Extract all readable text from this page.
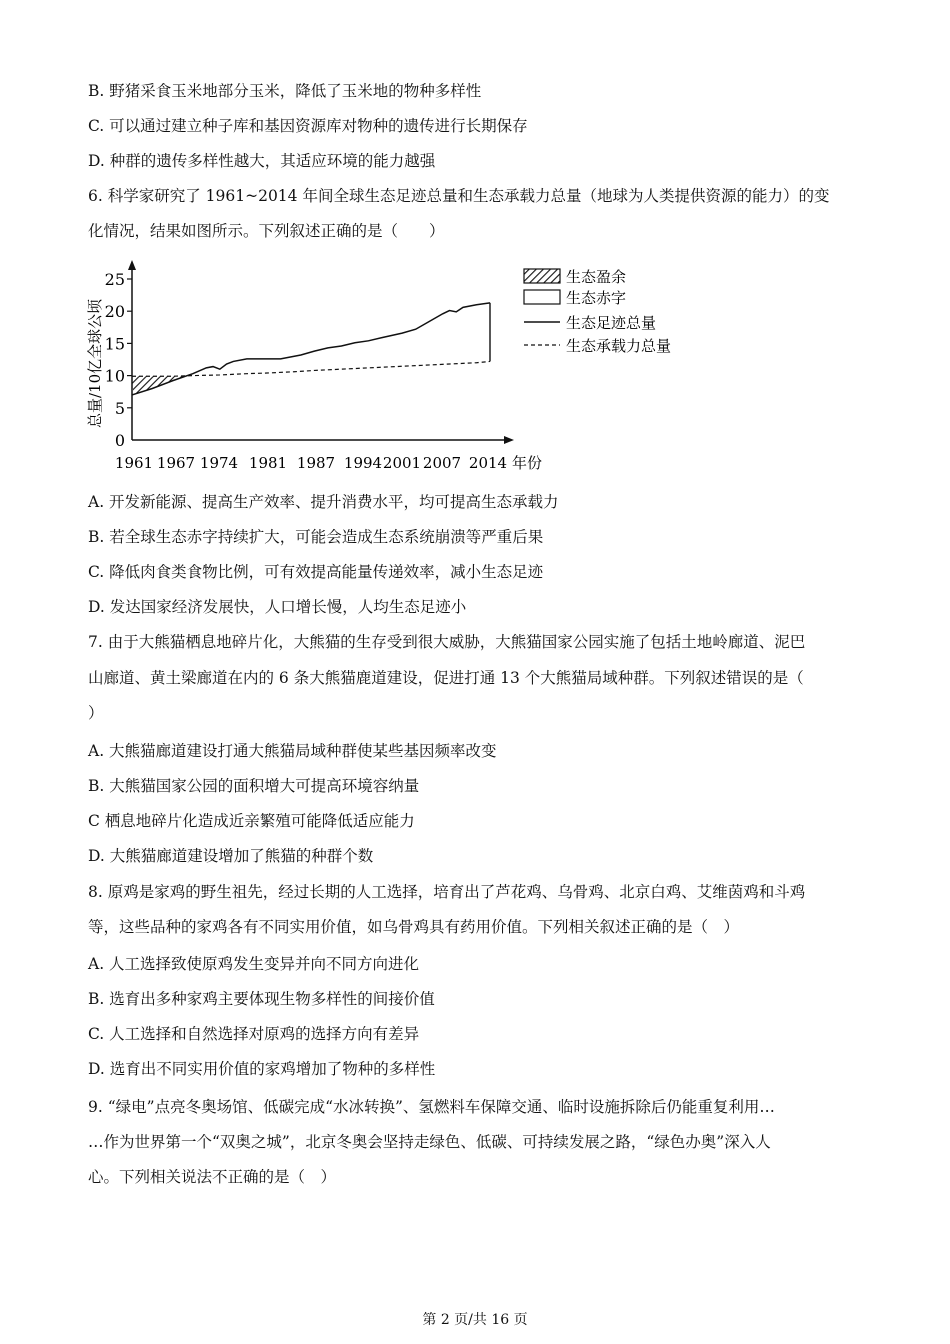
B. 野猪采食玉米地部分玉米，降低了玉米地的物种多样性
C. 可以通过建立种子库和基因资源库对物种的遗传进行长期保存
D. 种群的遗传多样性越大，其适应环境的能力越强
6. 科学家研究了 1961~2014 年间全球生态足迹总量和生态承载力总量（地球为人类提供资源的能力）的变
化情况，结果如图所示。下列叙述正确的是（　　）
A. 开发新能源、提高生产效率、提升消费水平，均可提高生态承载力
B. 若全球生态赤字持续扩大，可能会造成生态系统崩溃等严重后果
C. 降低肉食类食物比例，可有效提高能量传递效率，减小生态足迹
D. 发达国家经济发展快，人口增长慢，人均生态足迹小
7. 由于大熊猫栖息地碎片化，大熊猫的生存受到很大威胁，大熊猫国家公园实施了包括土地岭廊道、泥巴
山廊道、黄土梁廊道在内的 6 条大熊猫鹿道建设，促进打通 13 个大熊猫局域种群。下列叙述错误的是（
）
A. 大熊猫廊道建设打通大熊猫局域种群使某些基因频率改变
B. 大熊猫国家公园的面积增大可提高环境容纳量
C 栖息地碎片化造成近亲繁殖可能降低适应能力
D. 大熊猫廊道建设增加了熊猫的种群个数
8. 原鸡是家鸡的野生祖先，经过长期的人工选择，培育出了芦花鸡、乌骨鸡、北京白鸡、艾维茵鸡和斗鸡
等，这些品种的家鸡各有不同实用价值，如乌骨鸡具有药用价值。下列相关叙述正确的是（　）
A. 人工选择致使原鸡发生变异并向不同方向进化
B. 选育出多种家鸡主要体现生物多样性的间接价值
C. 人工选择和自然选择对原鸡的选择方向有差异
D. 选育出不同实用价值的家鸡增加了物种的多样性
9. “绿电”点亮冬奥场馆、低碳完成“水冰转换”、氢燃料车保障交通、临时设施拆除后仍能重复利用…
…作为世界第一个“双奥之城”，北京冬奥会坚持走绿色、低碳、可持续发展之路，“绿色办奥”深入人
心。下列相关说法不正确的是（　）
0
5
10
15
20
25
1961 1967 1974 1981 1987 1994 2001 2007 2014 年份
总量/10亿全球公顷
生态盈余
生态赤字
生态足迹总量
生态承载力总量
第 2 页/共 16 页
